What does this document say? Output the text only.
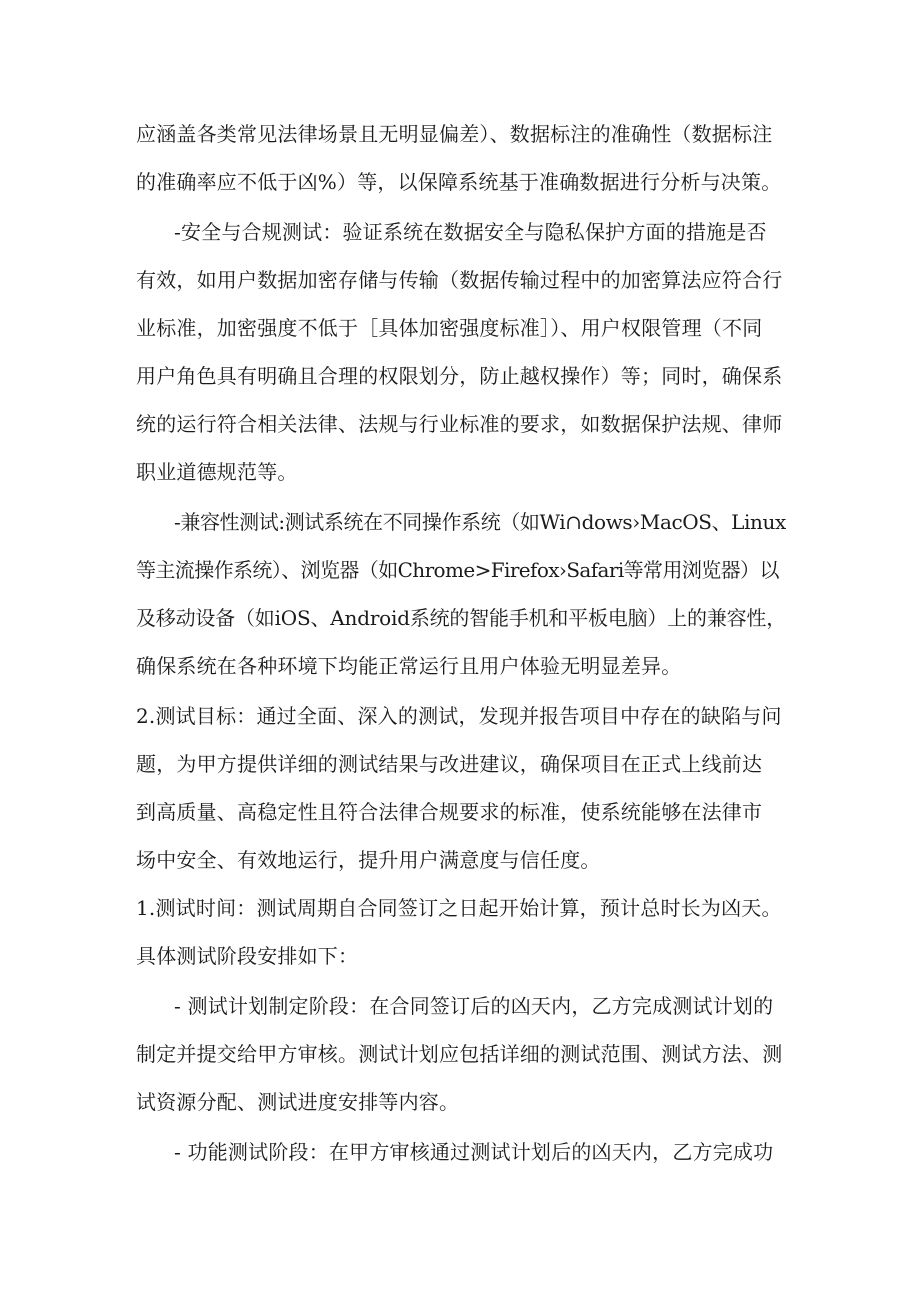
应涵盖各类常见法律场景且无明显偏差）、数据标注的准确性（数据标注
的准确率应不低于凶%）等，以保障系统基于准确数据进行分析与决策。
-安全与合规测试：验证系统在数据安全与隐私保护方面的措施是否
有效，如用户数据加密存储与传输（数据传输过程中的加密算法应符合行
业标准，加密强度不低于［具体加密强度标准］）、用户权限管理（不同
用户角色具有明确且合理的权限划分，防止越权操作）等；同时，确保系
统的运行符合相关法律、法规与行业标准的要求，如数据保护法规、律师
职业道德规范等。
-兼容性测试:测试系统在不同操作系统（如Wi∩dows›MacOS、Linux
等主流操作系统）、浏览器（如Chrome>Firefox›Safari等常用浏览器）以
及移动设备（如iOS、Android系统的智能手机和平板电脑）上的兼容性，
确保系统在各种环境下均能正常运行且用户体验无明显差异。
2.测试目标：通过全面、深入的测试，发现并报告项目中存在的缺陷与问
题，为甲方提供详细的测试结果与改进建议，确保项目在正式上线前达
到高质量、高稳定性且符合法律合规要求的标准，使系统能够在法律市
场中安全、有效地运行，提升用户满意度与信任度。
1.测试时间：测试周期自合同签订之日起开始计算，预计总时长为凶天。
具体测试阶段安排如下：
- 测试计划制定阶段：在合同签订后的凶天内，乙方完成测试计划的
制定并提交给甲方审核。测试计划应包括详细的测试范围、测试方法、测
试资源分配、测试进度安排等内容。
- 功能测试阶段：在甲方审核通过测试计划后的凶天内，乙方完成功
